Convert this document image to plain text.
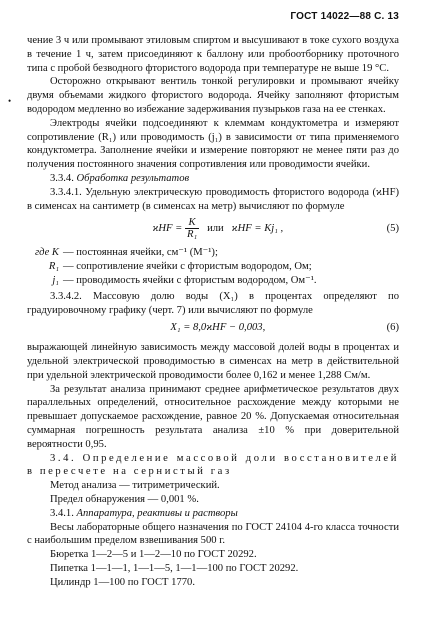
ГОСТ 14022—88 С. 13
•

чение 3 ч или промывают этиловым спиртом и высушивают в токе сухого воздуха в течение 1 ч, затем присоединяют к баллону или пробоотборнику проточного типа с пробой безводного фтористого водорода при температуре не выше 19 °С.

Осторожно открывают вентиль тонкой регулировки и промывают ячейку двумя объемами жидкого фтористого водорода. Ячейку заполняют фтористым водородом медленно во избежание задерживания пузырьков газа на ее стенках.

Электроды ячейки подсоединяют к клеммам кондуктометра и измеряют сопротивление (R₁) или проводимость (j₁) в зависимости от типа применяемого кондуктометра. Заполнение ячейки и измерение повторяют не менее пяти раз до получения постоянного значения сопротивления или проводимости ячейки.

3.3.4. Обработка результатов

3.3.4.1. Удельную электрическую проводимость фтористого водорода (ϰHF) в сименсах на сантиметр (в сименсах на метр) вычисляют по формуле

$ϰHF = \frac{K}{\text{R₁}}$ или ϰHF = Kj₁ ,	(5)
где K — постоянная ячейки, см⁻¹ (М⁻¹);
R₁ — сопротивление ячейки с фтористым водородом, Ом;
j₁ — проводимость ячейки с фтористым водородом, Ом⁻¹.

3.3.4.2. Массовую долю воды (X₁) в процентах определяют по градуировочному графику (черт. 7) или вычисляют по формуле

X₁ = 8,0ϰHF − 0,003,	(6)

выражающей линейную зависимость между массовой долей воды в процентах и удельной электрической проводимостью в сименсах на метр в действительной при удельной электрической проводимости более 0,162 и менее 1,288 См/м.

За результат анализа принимают среднее арифметическое результатов двух параллельных определений, относительное расхождение между которыми не превышает допускаемое расхождение, равное 20 %. Допускаемая относительная суммарная погрешность результата анализа ±10 % при доверительной вероятности 0,95.

3.4. Определение массовой доли восстановителей в пересчете на сернистый газ

Метод анализа — титриметрический.

Предел обнаружения — 0,001 %.

3.4.1. Аппаратура, реактивы и растворы

Весы лабораторные общего назначения по ГОСТ 24104 4-го класса точности с наибольшим пределом взвешивания 500 г.

Бюретка 1—2—5 и 1—2—10 по ГОСТ 20292.

Пипетка 1—1—1, 1—1—5, 1—1—100 по ГОСТ 20292.

Цилиндр 1—100 по ГОСТ 1770.
